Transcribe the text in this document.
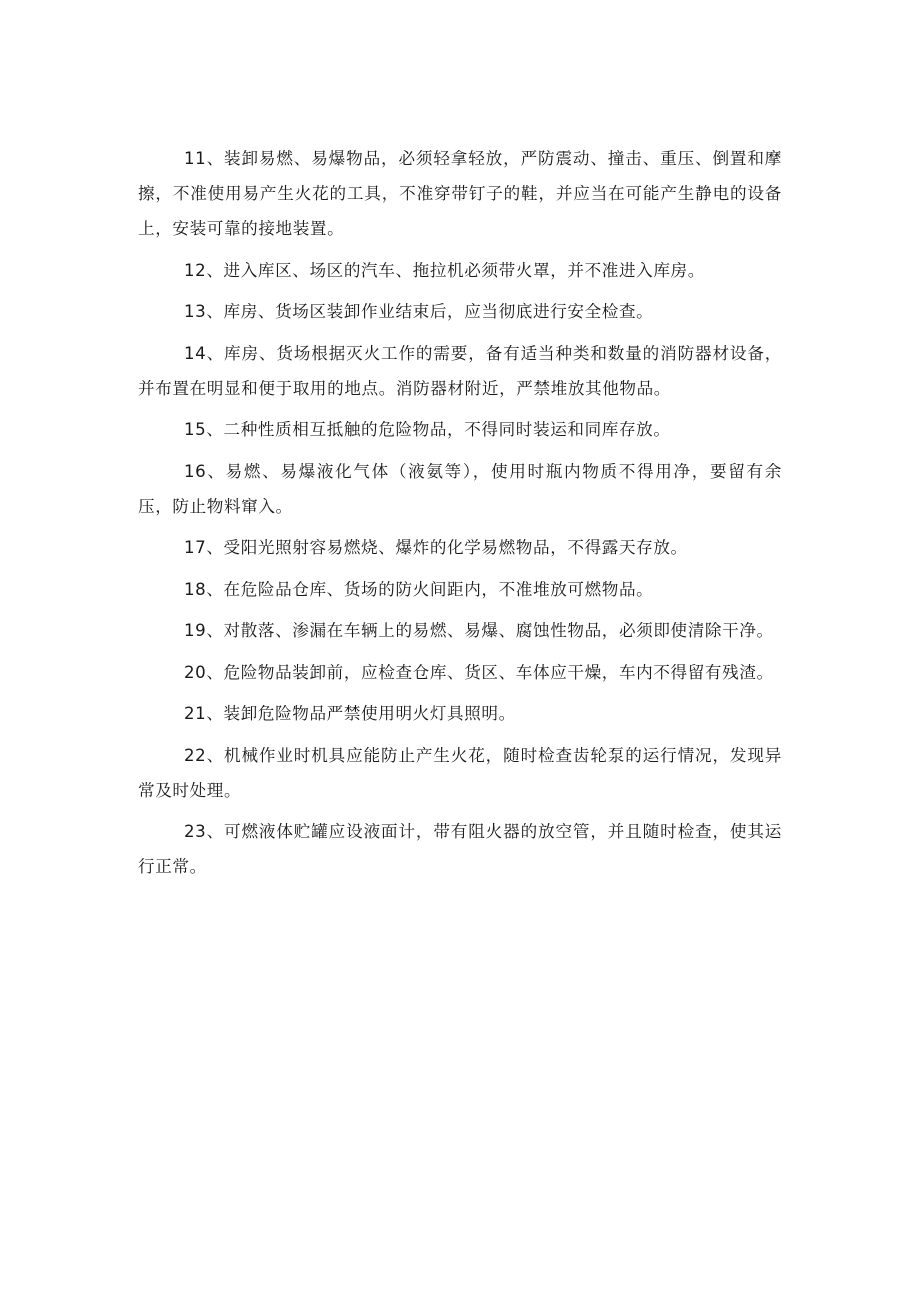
11、装卸易燃、易爆物品，必须轻拿轻放，严防震动、撞击、重压、倒置和摩擦，不准使用易产生火花的工具，不准穿带钉子的鞋，并应当在可能产生静电的设备上，安装可靠的接地装置。

12、进入库区、场区的汽车、拖拉机必须带火罩，并不准进入库房。

13、库房、货场区装卸作业结束后，应当彻底进行安全检查。

14、库房、货场根据灭火工作的需要，备有适当种类和数量的消防器材设备，并布置在明显和便于取用的地点。消防器材附近，严禁堆放其他物品。

15、二种性质相互抵触的危险物品，不得同时装运和同库存放。

16、易燃、易爆液化气体（液氨等），使用时瓶内物质不得用净，要留有余压，防止物料窜入。

17、受阳光照射容易燃烧、爆炸的化学易燃物品，不得露天存放。

18、在危险品仓库、货场的防火间距内，不准堆放可燃物品。

19、对散落、渗漏在车辆上的易燃、易爆、腐蚀性物品，必须即使清除干净。

20、危险物品装卸前，应检查仓库、货区、车体应干燥，车内不得留有残渣。

21、装卸危险物品严禁使用明火灯具照明。

22、机械作业时机具应能防止产生火花，随时检查齿轮泵的运行情况，发现异常及时处理。

23、可燃液体贮罐应设液面计，带有阻火器的放空管，并且随时检查，使其运行正常。
